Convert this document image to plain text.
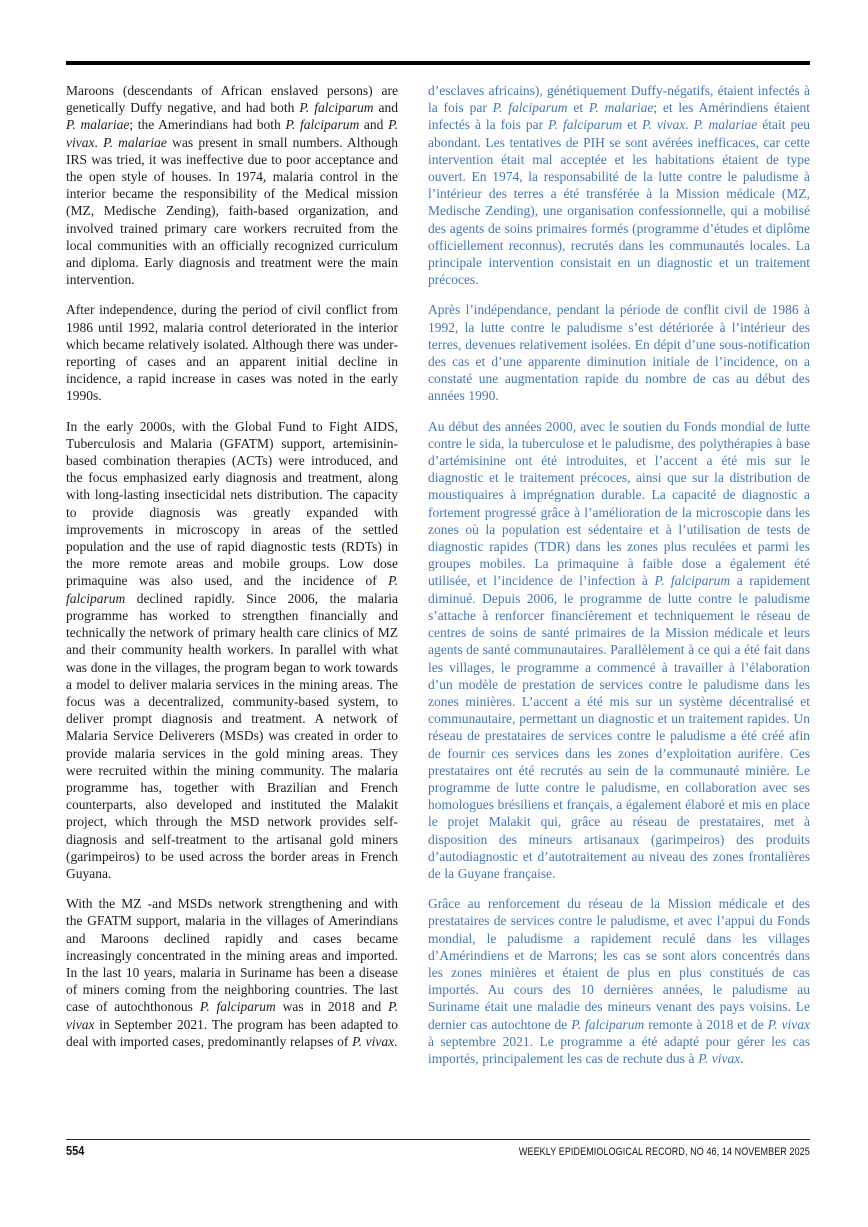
Maroons (descendants of African enslaved persons) are genetically Duffy negative, and had both P. falciparum and P. malariae; the Amerindians had both P. falciparum and P. vivax. P. malariae was present in small numbers. Although IRS was tried, it was ineffective due to poor acceptance and the open style of houses. In 1974, malaria control in the interior became the responsibility of the Medical mission (MZ, Medische Zending), faith-based organization, and involved trained primary care workers recruited from the local communities with an officially recognized curriculum and diploma. Early diagnosis and treatment were the main intervention.

d’esclaves africains), génétiquement Duffy-négatifs, étaient infectés à la fois par P. falciparum et P. malariae; et les Amérindiens étaient infectés à la fois par P. falciparum et P. vivax. P. malariae était peu abondant. Les tentatives de PIH se sont avérées inefficaces, car cette intervention était mal acceptée et les habitations étaient de type ouvert. En 1974, la responsabilité de la lutte contre le paludisme à l’intérieur des terres a été transférée à la Mission médicale (MZ, Medische Zending), une organisation confessionnelle, qui a mobilisé des agents de soins primaires formés (programme d’études et diplôme officiellement reconnus), recrutés dans les communautés locales. La principale intervention consistait en un diagnostic et un traitement précoces.

After independence, during the period of civil conflict from 1986 until 1992, malaria control deteriorated in the interior which became relatively isolated. Although there was under-reporting of cases and an apparent initial decline in incidence, a rapid increase in cases was noted in the early 1990s.

Après l’indépendance, pendant la période de conflit civil de 1986 à 1992, la lutte contre le paludisme s’est détériorée à l’intérieur des terres, devenues relativement isolées. En dépit d’une sous-notification des cas et d’une apparente diminution initiale de l’incidence, on a constaté une augmentation rapide du nombre de cas au début des années 1990.

In the early 2000s, with the Global Fund to Fight AIDS, Tuberculosis and Malaria (GFATM) support, artemisinin-based combination therapies (ACTs) were introduced, and the focus emphasized early diagnosis and treatment, along with long-lasting insecticidal nets distribution. The capacity to provide diagnosis was greatly expanded with improvements in microscopy in areas of the settled population and the use of rapid diagnostic tests (RDTs) in the more remote areas and mobile groups. Low dose primaquine was also used, and the incidence of P. falciparum declined rapidly. Since 2006, the malaria programme has worked to strengthen financially and technically the network of primary health care clinics of MZ and their community health workers. In parallel with what was done in the villages, the program began to work towards a model to deliver malaria services in the mining areas. The focus was a decentralized, community-based system, to deliver prompt diagnosis and treatment. A network of Malaria Service Deliverers (MSDs) was created in order to provide malaria services in the gold mining areas. They were recruited within the mining community. The malaria programme has, together with Brazilian and French counterparts, also developed and instituted the Malakit project, which through the MSD network provides self-diagnosis and self-treatment to the artisanal gold miners (garimpeiros) to be used across the border areas in French Guyana.

Au début des années 2000, avec le soutien du Fonds mondial de lutte contre le sida, la tuberculose et le paludisme, des polythérapies à base d’artémisinine ont été introduites, et l’accent a été mis sur le diagnostic et le traitement précoces, ainsi que sur la distribution de moustiquaires à imprégnation durable. La capacité de diagnostic a fortement progressé grâce à l’amélioration de la microscopie dans les zones où la population est sédentaire et à l’utilisation de tests de diagnostic rapides (TDR) dans les zones plus reculées et parmi les groupes mobiles. La primaquine à faible dose a également été utilisée, et l’incidence de l’infection à P. falciparum a rapidement diminué. Depuis 2006, le programme de lutte contre le paludisme s’attache à renforcer financièrement et techniquement le réseau de centres de soins de santé primaires de la Mission médicale et leurs agents de santé communautaires. Parallèlement à ce qui a été fait dans les villages, le programme a commencé à travailler à l’élaboration d’un modèle de prestation de services contre le paludisme dans les zones minières. L’accent a été mis sur un système décentralisé et communautaire, permettant un diagnostic et un traitement rapides. Un réseau de prestataires de services contre le paludisme a été créé afin de fournir ces services dans les zones d’exploitation aurifère. Ces prestataires ont été recrutés au sein de la communauté minière. Le programme de lutte contre le paludisme, en collaboration avec ses homologues brésiliens et français, a également élaboré et mis en place le projet Malakit qui, grâce au réseau de prestataires, met à disposition des mineurs artisanaux (garimpeiros) des produits d’autodiagnostic et d’autotraitement au niveau des zones frontalières de la Guyane française.

With the MZ -and MSDs network strengthening and with the GFATM support, malaria in the villages of Amerindians and Maroons declined rapidly and cases became increasingly concentrated in the mining areas and imported. In the last 10 years, malaria in Suriname has been a disease of miners coming from the neighboring countries. The last case of autochthonous P. falciparum was in 2018 and P. vivax in September 2021. The program has been adapted to deal with imported cases, predominantly relapses of P. vivax.

Grâce au renforcement du réseau de la Mission médicale et des prestataires de services contre le paludisme, et avec l’appui du Fonds mondial, le paludisme a rapidement reculé dans les villages d’Amérindiens et de Marrons; les cas se sont alors concentrés dans les zones minières et étaient de plus en plus constitués de cas importés. Au cours des 10 dernières années, le paludisme au Suriname était une maladie des mineurs venant des pays voisins. Le dernier cas autochtone de P. falciparum remonte à 2018 et de P. vivax à septembre 2021. Le programme a été adapté pour gérer les cas importés, principalement les cas de rechute dus à P. vivax.

554	WEEKLY EPIDEMIOLOGICAL RECORD, NO 46, 14 NOVEMBER 2025
